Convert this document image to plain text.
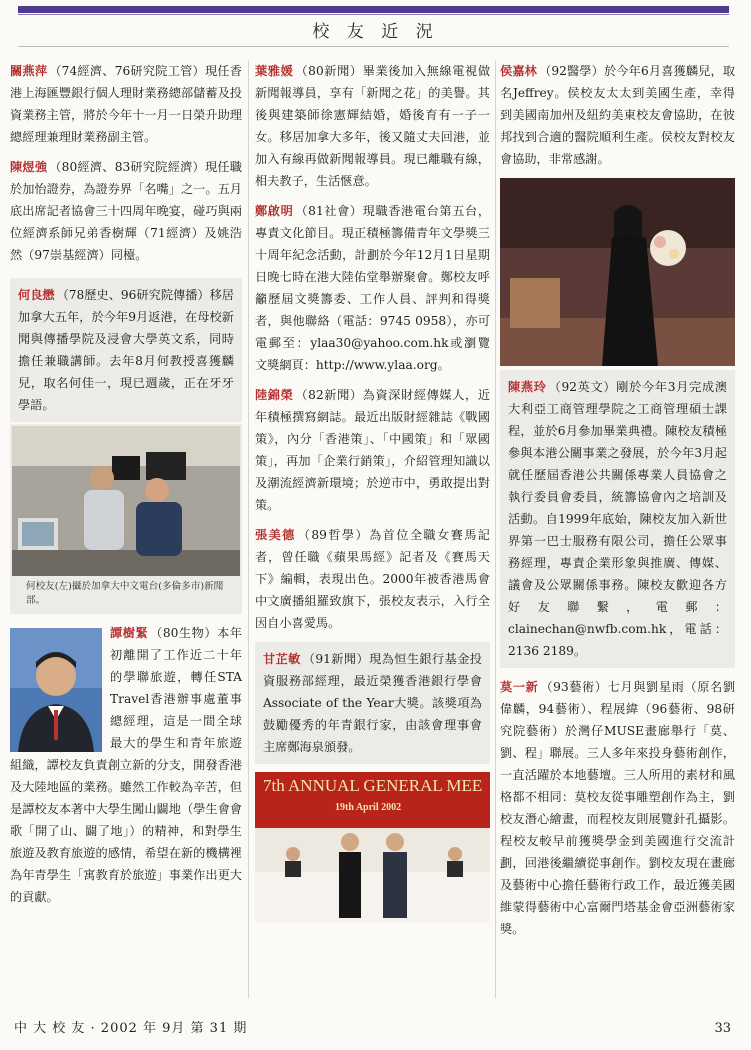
校 友 近 況

關燕萍 （74經濟、76研究院工管）現任香港上海匯豐銀行個人理財業務總部儲蓄及投資業務主管，將於今年十一月一日榮升助理總經理兼理財業務副主管。

陳煜強 （80經濟、83研究院經濟）現任職於加怡證券，為證券界「名嘴」之一。五月底出席記者協會三十四周年晚宴，碰巧與兩位經濟系師兄弟香樹輝（71經濟）及姚浩然（97崇基經濟）同檯。

何良懋 （78歷史、96研究院傳播）移居加拿大五年，於今年9月返港，在母校新聞與傳播學院及浸會大學英文系，同時擔任兼職講師。去年8月何教授喜獲麟兒，取名何佳一，現已週歲，正在牙牙學語。

何校友(左)攝於加拿大中文電台(多倫多市)新聞部。

譚樹緊 （80生物）本年初離開了工作近二十年的學聯旅遊，轉任STA Travel香港辦事處董事總經理，這是一間全球最大的學生和青年旅遊組織，譚校友負責創立新的分支，開發香港及大陸地區的業務。雖然工作較為辛苦，但是譚校友本著中大學生闖山闢地（學生會會歌「開了山、闢了地」）的精神，和對學生旅遊及教育旅遊的感情，希望在新的機構裡為年青學生「寓教育於旅遊」事業作出更大的貢獻。

葉雅媛 （80新聞）畢業後加入無線電視做新聞報導員，享有「新聞之花」的美譽。其後與建築師徐憲輝結婚，婚後育有一子一女。移居加拿大多年，後又隨丈夫回港，並加入有線再做新聞報導員。現已離職有線，相夫教子，生活愜意。

鄭啟明 （81社會）現職香港電台第五台，專責文化節目。現正積極籌備青年文學獎三十周年紀念活動，計劃於今年12月1日星期日晚七時在港大陸佑堂舉辦聚會。鄭校友呼籲歷屆文獎籌委、工作人員、評判和得獎者，與他聯絡（電話：9745 0958），亦可電郵至：ylaa30@yahoo.com.hk或瀏覽文獎網頁：http://www.ylaa.org。

陸錦榮 （82新聞）為資深財經傳媒人，近年積極撰寫網誌。最近出版財經雜誌《戰國策》，內分「香港策」、「中國策」和「眾國策」，再加「企業行銷策」，介紹管理知識以及潮流經濟新環境；於逆市中，勇敢提出對策。

張美德 （89哲學）為首位全職女賽馬記者，曾任職《蘋果馬經》記者及《賽馬天下》編輯，表現出色。2000年被香港馬會中文廣播組羅致旗下，張校友表示，入行全因自小喜愛馬。

甘芷敏 （91新聞）現為恒生銀行基金投資服務部經理，最近榮獲香港銀行學會Associate of the Year大獎。該獎項為鼓勵優秀的年青銀行家，由該會理事會主席鄭海泉頒發。

7th ANNUAL GENERAL MEE
19th April 2002

侯嘉林 （92醫學）於今年6月喜獲麟兒，取名Jeffrey。侯校友太太到美國生產，幸得到美國南加州及紐約美東校友會協助，在彼邦找到合適的醫院順利生產。侯校友對校友會協助，非常感謝。

陳燕玲 （92英文）剛於今年3月完成澳大利亞工商管理學院之工商管理碩士課程，並於6月參加畢業典禮。陳校友積極參與本港公關事業之發展，於今年3月起就任歷屆香港公共關係專業人員協會之執行委員會委員，統籌協會內之培訓及活動。自1999年底始，陳校友加入新世界第一巴士服務有限公司，擔任公眾事務經理，專責企業形象與推廣、傳媒、議會及公眾關係事務。陳校友歡迎各方好友聯繫，電郵：clainechan@nwfb.com.hk，電話：2136 2189。

莫一新 （93藝術）七月與劉星雨（原名劉偉麟，94藝術）、程展緯（96藝術、98研究院藝術）於灣仔MUSE畫廊舉行「莫、劉、程」聯展。三人多年來投身藝術創作，一直活躍於本地藝壇。三人所用的素材和風格都不相同：莫校友從事雕塑創作為主，劉校友潛心繪畫，而程校友則展覽針孔攝影。程校友較早前獲獎學金到美國進行交流計劃，回港後繼續從事創作。劉校友現在畫廊及藝術中心擔任藝術行政工作，最近獲美國維蒙得藝術中心富爾門塔基金會亞洲藝術家獎。

中 大 校 友 · 2002 年 9月 第 31 期	33
